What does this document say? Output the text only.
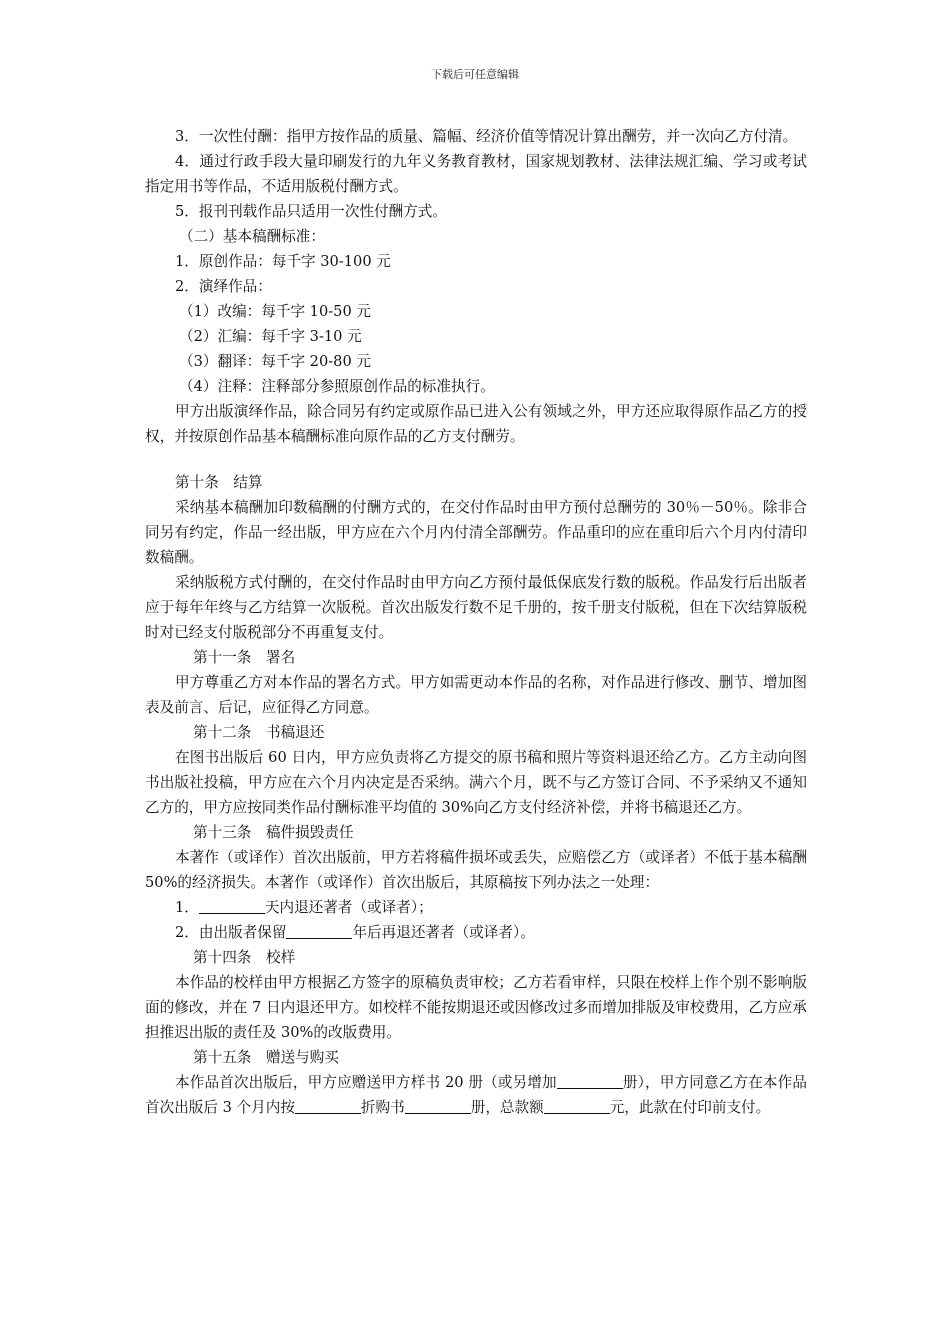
下载后可任意编辑

3．一次性付酬：指甲方按作品的质量、篇幅、经济价值等情况计算出酬劳，并一次向乙方付清。

4．通过行政手段大量印刷发行的九年义务教育教材，国家规划教材、法律法规汇编、学习或考试指定用书等作品，不适用版税付酬方式。

5．报刊刊载作品只适用一次性付酬方式。

（二）基本稿酬标准：

1．原创作品：每千字 30-100 元

2．演绎作品：

（1）改编：每千字 10-50 元

（2）汇编：每千字 3-10 元

（3）翻译：每千字 20-80 元

（4）注释：注释部分参照原创作品的标准执行。

甲方出版演绎作品，除合同另有约定或原作品已进入公有领域之外，甲方还应取得原作品乙方的授权，并按原创作品基本稿酬标准向原作品的乙方支付酬劳。

第十条　结算

采纳基本稿酬加印数稿酬的付酬方式的，在交付作品时由甲方预付总酬劳的 30％－50％。除非合同另有约定，作品一经出版，甲方应在六个月内付清全部酬劳。作品重印的应在重印后六个月内付清印数稿酬。

采纳版税方式付酬的，在交付作品时由甲方向乙方预付最低保底发行数的版税。作品发行后出版者应于每年年终与乙方结算一次版税。首次出版发行数不足千册的，按千册支付版税，但在下次结算版税时对已经支付版税部分不再重复支付。

第十一条　署名

甲方尊重乙方对本作品的署名方式。甲方如需更动本作品的名称，对作品进行修改、删节、增加图表及前言、后记，应征得乙方同意。

第十二条　书稿退还

在图书出版后 60 日内，甲方应负责将乙方提交的原书稿和照片等资料退还给乙方。乙方主动向图书出版社投稿，甲方应在六个月内决定是否采纳。满六个月，既不与乙方签订合同、不予采纳又不通知乙方的，甲方应按同类作品付酬标准平均值的 30%向乙方支付经济补偿，并将书稿退还乙方。

第十三条　稿件损毁责任

本著作（或译作）首次出版前，甲方若将稿件损坏或丢失，应赔偿乙方（或译者）不低于基本稿酬 50%的经济损失。本著作（或译作）首次出版后，其原稿按下列办法之一处理：

1．	天内退还著者（或译者）；

2．由出版者保留	年后再退还著者（或译者）。

第十四条　校样

本作品的校样由甲方根据乙方签字的原稿负责审校；乙方若看审样，只限在校样上作个别不影响版面的修改，并在 7 日内退还甲方。如校样不能按期退还或因修改过多而增加排版及审校费用，乙方应承担推迟出版的责任及 30%的改版费用。

第十五条　赠送与购买

本作品首次出版后，甲方应赠送甲方样书 20 册（或另增加	册），甲方同意乙方在本作品首次出版后 3 个月内按	折购书	册，总款额	元，此款在付印前支付。
